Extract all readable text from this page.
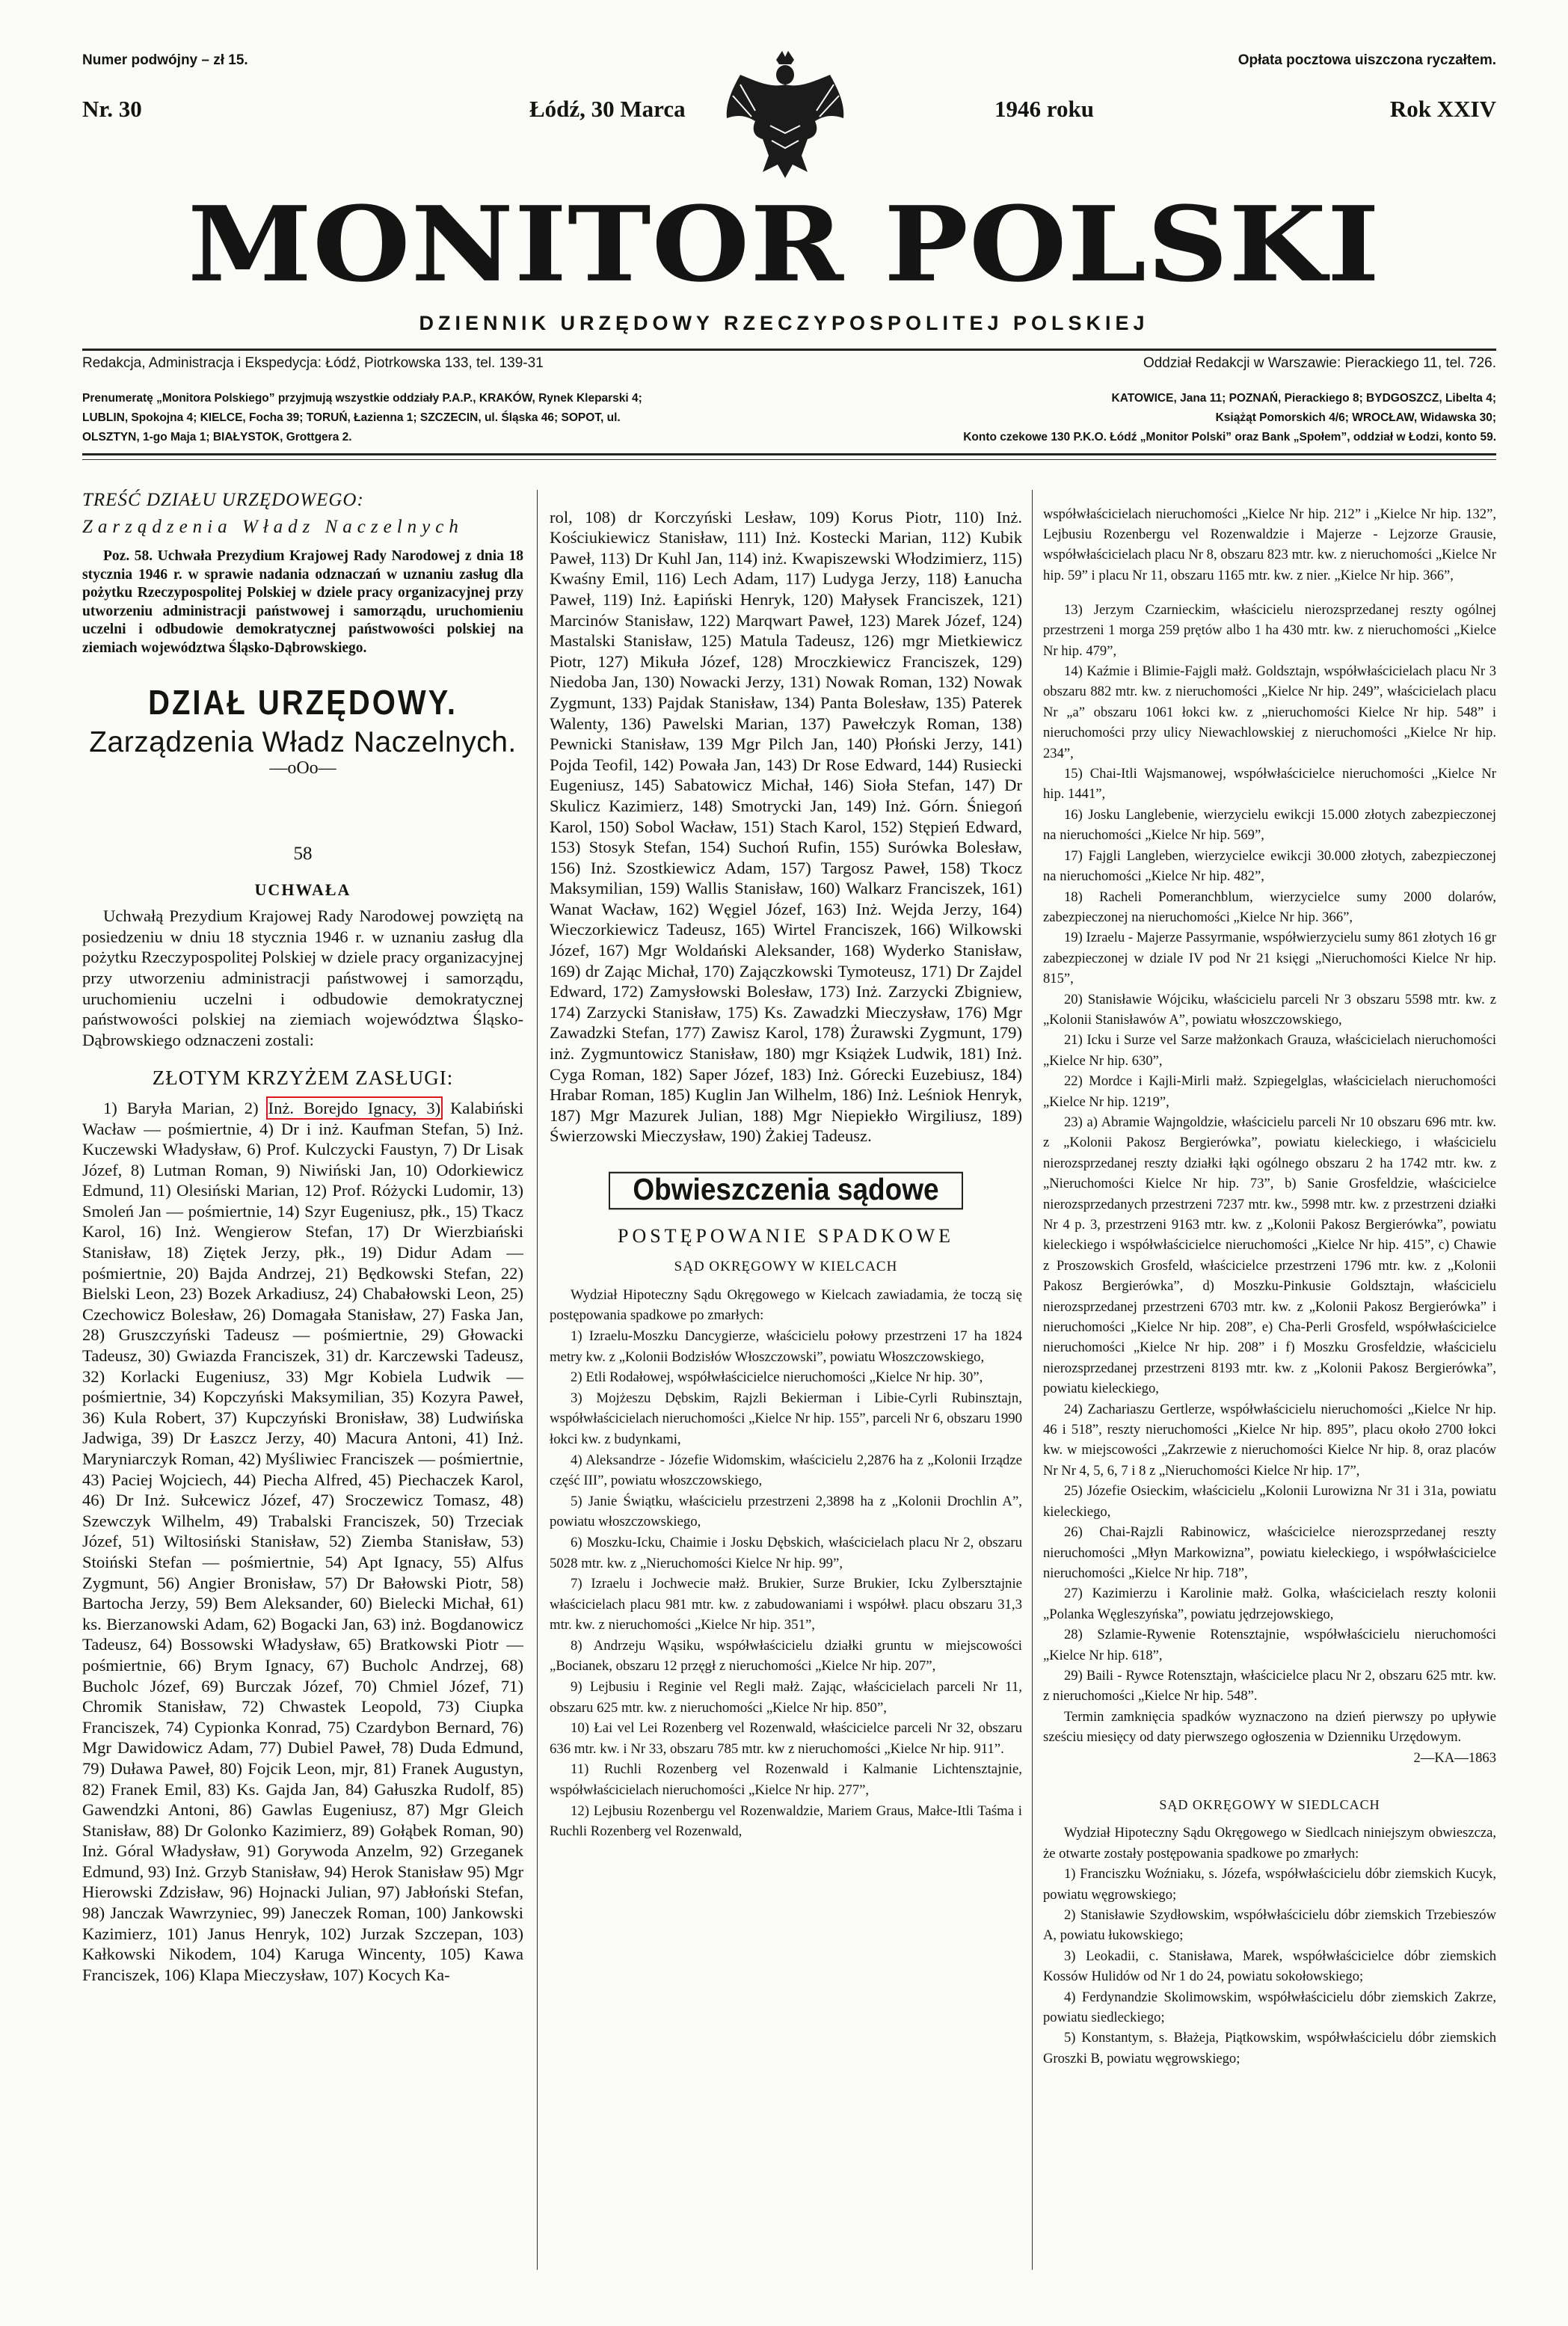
Numer podwójny – zł 15.	Opłata pocztowa uiszczona ryczałtem.
Nr. 30	Łódź, 30 Marca	1946 roku	Rok XXIV
MONITOR POLSKI
DZIENNIK URZĘDOWY RZECZYPOSPOLITEJ POLSKIEJ
Redakcja, Administracja i Ekspedycja: Łódź, Piotrkowska 133, tel. 139-31	Oddział Redakcji w Warszawie: Pierackiego 11, tel. 726.
Prenumeratę „Monitora Polskiego” przyjmują wszystkie oddziały P.A.P., KRAKÓW, Rynek Kleparski 4;	KATOWICE, Jana 11; POZNAŃ, Pierackiego 8; BYDGOSZCZ, Libelta 4;
LUBLIN, Spokojna 4; KIELCE, Focha 39; TORUŃ, Łazienna 1; SZCZECIN, ul. Śląska 46; SOPOT, ul.	Książąt Pomorskich 4/6; WROCŁAW, Widawska 30;
OLSZTYN, 1-go Maja 1; BIAŁYSTOK, Grottgera 2.	Konto czekowe 130 P.K.O. Łódź „Monitor Polski” oraz Bank „Społem”, oddział w Łodzi, konto 59.

TREŚĆ DZIAŁU URZĘDOWEGO:

Zarządzenia Władz Naczelnych

Poz. 58. Uchwała Prezydium Krajowej Rady Narodowej z dnia 18 stycznia 1946 r. w sprawie nadania odznaczań w uznaniu zasług dla pożytku Rzeczypospolitej Polskiej w dziele pracy organizacyjnej przy utworzeniu administracji państwowej i samorządu, uruchomieniu uczelni i odbudowie demokratycznej państwowości polskiej na ziemiach województwa Śląsko-Dąbrowskiego.

DZIAŁ URZĘDOWY.
Zarządzenia Władz Naczelnych.
—oOo—
58
UCHWAŁA

Uchwałą Prezydium Krajowej Rady Narodowej powziętą na posiedzeniu w dniu 18 stycznia 1946 r. w uznaniu zasług dla pożytku Rzeczypospolitej Polskiej w dziele pracy organizacyjnej przy utworzeniu administracji państwowej i samorządu, uruchomieniu uczelni i odbudowie demokratycznej państwowości polskiej na ziemiach województwa Śląsko-Dąbrowskiego odznaczeni zostali:

ZŁOTYM KRZYŻEM ZASŁUGI:

1) Baryła Marian, 2) Inż. Borejdo Ignacy, 3) Kalabiński Wacław — pośmiertnie, 4) Dr i inż. Kaufman Stefan, 5) Inż. Kuczewski Władysław, 6) Prof. Kulczycki Faustyn, 7) Dr Lisak Józef, 8) Lutman Roman, 9) Niwiński Jan, 10) Odorkiewicz Edmund, 11) Olesiński Marian, 12) Prof. Różycki Ludomir, 13) Smoleń Jan — pośmiertnie, 14) Szyr Eugeniusz, płk., 15) Tkacz Karol, 16) Inż. Wengierow Stefan, 17) Dr Wierzbiański Stanisław, 18) Ziętek Jerzy, płk., 19) Didur Adam — pośmiertnie, 20) Bajda Andrzej, 21) Będkowski Stefan, 22) Bielski Leon, 23) Bozek Arkadiusz, 24) Chabałowski Leon, 25) Czechowicz Bolesław, 26) Domagała Stanisław, 27) Faska Jan, 28) Gruszczyński Tadeusz — pośmiertnie, 29) Głowacki Tadeusz, 30) Gwiazda Franciszek, 31) dr. Karczewski Tadeusz, 32) Korlacki Eugeniusz, 33) Mgr Kobiela Ludwik — pośmiertnie, 34) Kopczyński Maksymilian, 35) Kozyra Paweł, 36) Kula Robert, 37) Kupczyński Bronisław, 38) Ludwińska Jadwiga, 39) Dr Łaszcz Jerzy, 40) Macura Antoni, 41) Inż. Maryniarczyk Roman, 42) Myśliwiec Franciszek — pośmiertnie, 43) Paciej Wojciech, 44) Piecha Alfred, 45) Piechaczek Karol, 46) Dr Inż. Sułcewicz Józef, 47) Sroczewicz Tomasz, 48) Szewczyk Wilhelm, 49) Trabalski Franciszek, 50) Trzeciak Józef, 51) Wiltosiński Stanisław, 52) Ziemba Stanisław, 53) Stoiński Stefan — pośmiertnie, 54) Apt Ignacy, 55) Alfus Zygmunt, 56) Angier Bronisław, 57) Dr Bałowski Piotr, 58) Bartocha Jerzy, 59) Bem Aleksander, 60) Bielecki Michał, 61) ks. Bierzanowski Adam, 62) Bogacki Jan, 63) inż. Bogdanowicz Tadeusz, 64) Bossowski Władysław, 65) Bratkowski Piotr — pośmiertnie, 66) Brym Ignacy, 67) Bucholc Andrzej, 68) Bucholc Józef, 69) Burczak Józef, 70) Chmiel Józef, 71) Chromik Stanisław, 72) Chwastek Leopold, 73) Ciupka Franciszek, 74) Cypionka Konrad, 75) Czardybon Bernard, 76) Mgr Dawidowicz Adam, 77) Dubiel Paweł, 78) Duda Edmund, 79) Duława Paweł, 80) Fojcik Leon, mjr, 81) Franek Augustyn, 82) Franek Emil, 83) Ks. Gajda Jan, 84) Gałuszka Rudolf, 85) Gawendzki Antoni, 86) Gawlas Eugeniusz, 87) Mgr Gleich Stanisław, 88) Dr Golonko Kazimierz, 89) Gołąbek Roman, 90) Inż. Góral Władysław, 91) Gorywoda Anzelm, 92) Grzeganek Edmund, 93) Inż. Grzyb Stanisław, 94) Herok Stanisław 95) Mgr Hierowski Zdzisław, 96) Hojnacki Julian, 97) Jabłoński Stefan, 98) Janczak Wawrzyniec, 99) Janeczek Roman, 100) Jankowski Kazimierz, 101) Janus Henryk, 102) Jurzak Szczepan, 103) Kałkowski Nikodem, 104) Karuga Wincenty, 105) Kawa Franciszek, 106) Klapa Mieczysław, 107) Kocych Ka-

rol, 108) dr Korczyński Lesław, 109) Korus Piotr, 110) Inż. Kościukiewicz Stanisław, 111) Inż. Kostecki Marian, 112) Kubik Paweł, 113) Dr Kuhl Jan, 114) inż. Kwapiszewski Włodzimierz, 115) Kwaśny Emil, 116) Lech Adam, 117) Ludyga Jerzy, 118) Łanucha Paweł, 119) Inż. Łapiński Henryk, 120) Małysek Franciszek, 121) Marcinów Stanisław, 122) Marqwart Paweł, 123) Marek Józef, 124) Mastalski Stanisław, 125) Matula Tadeusz, 126) mgr Mietkiewicz Piotr, 127) Mikuła Józef, 128) Mroczkiewicz Franciszek, 129) Niedoba Jan, 130) Nowacki Jerzy, 131) Nowak Roman, 132) Nowak Zygmunt, 133) Pajdak Stanisław, 134) Panta Bolesław, 135) Paterek Walenty, 136) Pawelski Marian, 137) Pawełczyk Roman, 138) Pewnicki Stanisław, 139 Mgr Pilch Jan, 140) Płoński Jerzy, 141) Pojda Teofil, 142) Powała Jan, 143) Dr Rose Edward, 144) Rusiecki Eugeniusz, 145) Sabatowicz Michał, 146) Sioła Stefan, 147) Dr Skulicz Kazimierz, 148) Smotrycki Jan, 149) Inż. Górn. Śniegoń Karol, 150) Sobol Wacław, 151) Stach Karol, 152) Stępień Edward, 153) Stosyk Stefan, 154) Suchoń Rufin, 155) Surówka Bolesław, 156) Inż. Szostkiewicz Adam, 157) Targosz Paweł, 158) Tkocz Maksymilian, 159) Wallis Stanisław, 160) Walkarz Franciszek, 161) Wanat Wacław, 162) Węgiel Józef, 163) Inż. Wejda Jerzy, 164) Wieczorkiewicz Tadeusz, 165) Wirtel Franciszek, 166) Wilkowski Józef, 167) Mgr Woldański Aleksander, 168) Wyderko Stanisław, 169) dr Zając Michał, 170) Zajączkowski Tymoteusz, 171) Dr Zajdel Edward, 172) Zamysłowski Bolesław, 173) Inż. Zarzycki Zbigniew, 174) Zarzycki Stanisław, 175) Ks. Zawadzki Mieczysław, 176) Mgr Zawadzki Stefan, 177) Zawisz Karol, 178) Żurawski Zygmunt, 179) inż. Zygmuntowicz Stanisław, 180) mgr Książek Ludwik, 181) Inż. Cyga Roman, 182) Saper Józef, 183) Inż. Górecki Euzebiusz, 184) Hrabar Roman, 185) Kuglin Jan Wilhelm, 186) Inż. Leśniok Henryk, 187) Mgr Mazurek Julian, 188) Mgr Niepiekło Wirgiliusz, 189) Świerzowski Mieczysław, 190) Żakiej Tadeusz.

Obwieszczenia sądowe
POSTĘPOWANIE SPADKOWE
SĄD OKRĘGOWY W KIELCACH

Wydział Hipoteczny Sądu Okręgowego w Kielcach zawiadamia, że toczą się postępowania spadkowe po zmarłych:

1) Izraelu-Moszku Dancygierze, właścicielu połowy przestrzeni 17 ha 1824 metry kw. z „Kolonii Bodzisłów Włoszczowski”, powiatu Włoszczowskiego,

2) Etli Rodałowej, współwłaścicielce nieruchomości „Kielce Nr hip. 30”,

3) Mojżeszu Dębskim, Rajzli Bekierman i Libie-Cyrli Rubinsztajn, współwłaścicielach nieruchomości „Kielce Nr hip. 155”, parceli Nr 6, obszaru 1990 łokci kw. z budynkami,

4) Aleksandrze - Józefie Widomskim, właścicielu 2,2876 ha z „Kolonii Irządze część III”, powiatu włoszczowskiego,

5) Janie Świątku, właścicielu przestrzeni 2,3898 ha z „Kolonii Drochlin A”, powiatu włoszczowskiego,

6) Moszku-Icku, Chaimie i Josku Dębskich, właścicielach placu Nr 2, obszaru 5028 mtr. kw. z „Nieruchomości Kielce Nr hip. 99”,

7) Izraelu i Jochwecie małż. Brukier, Surze Brukier, Icku Zylbersztajnie właścicielach placu 981 mtr. kw. z zabudowaniami i współwł. placu obszaru 31,3 mtr. kw. z nieruchomości „Kielce Nr hip. 351”,

8) Andrzeju Wąsiku, współwłaścicielu działki gruntu w miejscowości „Bocianek, obszaru 12 przęgł z nieruchomości „Kielce Nr hip. 207”,

9) Lejbusiu i Reginie vel Regli małż. Zając, właścicielach parceli Nr 11, obszaru 625 mtr. kw. z nieruchomości „Kielce Nr hip. 850”,

10) Łai vel Lei Rozenberg vel Rozenwald, właścicielce parceli Nr 32, obszaru 636 mtr. kw. i Nr 33, obszaru 785 mtr. kw z nieruchomości „Kielce Nr hip. 911”.

11) Ruchli Rozenberg vel Rozenwald i Kalmanie Lichtensztajnie, współwłaścicielach nieruchomości „Kielce Nr hip. 277”,

12) Lejbusiu Rozenbergu vel Rozenwaldzie, Mariem Graus, Małce-Itli Taśma i Ruchli Rozenberg vel Rozenwald,

współwłaścicielach nieruchomości „Kielce Nr hip. 212” i „Kielce Nr hip. 132”, Lejbusiu Rozenbergu vel Rozenwaldzie i Majerze - Lejzorze Grausie, współwłaścicielach placu Nr 8, obszaru 823 mtr. kw. z nieruchomości „Kielce Nr hip. 59” i placu Nr 11, obszaru 1165 mtr. kw. z nier. „Kielce Nr hip. 366”,

13) Jerzym Czarnieckim, właścicielu nierozsprzedanej reszty ogólnej przestrzeni 1 morga 259 prętów albo 1 ha 430 mtr. kw. z nieruchomości „Kielce Nr hip. 479”,

14) Kaźmie i Blimie-Fajgli małż. Goldsztajn, współwłaścicielach placu Nr 3 obszaru 882 mtr. kw. z nieruchomości „Kielce Nr hip. 249”, właścicielach placu Nr „a” obszaru 1061 łokci kw. z „nieruchomości Kielce Nr hip. 548” i nieruchomości przy ulicy Niewachlowskiej z nieruchomości „Kielce Nr hip. 234”,

15) Chai-Itli Wajsmanowej, współwłaścicielce nieruchomości „Kielce Nr hip. 1441”,

16) Josku Langlebenie, wierzycielu ewikcji 15.000 złotych zabezpieczonej na nieruchomości „Kielce Nr hip. 569”,

17) Fajgli Langleben, wierzycielce ewikcji 30.000 złotych, zabezpieczonej na nieruchomości „Kielce Nr hip. 482”,

18) Racheli Pomeranchblum, wierzycielce sumy 2000 dolarów, zabezpieczonej na nieruchomości „Kielce Nr hip. 366”,

19) Izraelu - Majerze Passyrmanie, współwierzycielu sumy 861 złotych 16 gr zabezpieczonej w dziale IV pod Nr 21 księgi „Nieruchomości Kielce Nr hip. 815”,

20) Stanisławie Wójciku, właścicielu parceli Nr 3 obszaru 5598 mtr. kw. z „Kolonii Stanisławów A”, powiatu włoszczowskiego,

21) Icku i Surze vel Sarze małżonkach Grauza, właścicielach nieruchomości „Kielce Nr hip. 630”,

22) Mordce i Kajli-Mirli małż. Szpiegelglas, właścicielach nieruchomości „Kielce Nr hip. 1219”,

23) a) Abramie Wajngoldzie, właścicielu parceli Nr 10 obszaru 696 mtr. kw. z „Kolonii Pakosz Bergierówka”, powiatu kieleckiego, i właścicielu nierozsprzedanej reszty działki łąki ogólnego obszaru 2 ha 1742 mtr. kw. z „Nieruchomości Kielce Nr hip. 73”, b) Sanie Grosfeldzie, właścicielce nierozsprzedanych przestrzeni 7237 mtr. kw., 5998 mtr. kw. z przestrzeni działki Nr 4 p. 3, przestrzeni 9163 mtr. kw. z „Kolonii Pakosz Bergierówka”, powiatu kieleckiego i współwłaścicielce nieruchomości „Kielce Nr hip. 415”, c) Chawie z Proszowskich Grosfeld, właścicielce przestrzeni 1796 mtr. kw. z „Kolonii Pakosz Bergierówka”, d) Moszku-Pinkusie Goldsztajn, właścicielu nierozsprzedanej przestrzeni 6703 mtr. kw. z „Kolonii Pakosz Bergierówka” i nieruchomości „Kielce Nr hip. 208”, e) Cha-Perli Grosfeld, współwłaścicielce nieruchomości „Kielce Nr hip. 208” i f) Moszku Grosfeldzie, właścicielu nierozsprzedanej przestrzeni 8193 mtr. kw. z „Kolonii Pakosz Bergierówka”, powiatu kieleckiego,

24) Zachariaszu Gertlerze, współwłaścicielu nieruchomości „Kielce Nr hip. 46 i 518”, reszty nieruchomości „Kielce Nr hip. 895”, placu około 2700 łokci kw. w miejscowości „Zakrzewie z nieruchomości Kielce Nr hip. 8, oraz placów Nr Nr 4, 5, 6, 7 i 8 z „Nieruchomości Kielce Nr hip. 17”,

25) Józefie Osieckim, właścicielu „Kolonii Lurowizna Nr 31 i 31a, powiatu kieleckiego,

26) Chai-Rajzli Rabinowicz, właścicielce nierozsprzedanej reszty nieruchomości „Młyn Markowizna”, powiatu kieleckiego, i współwłaścicielce nieruchomości „Kielce Nr hip. 718”,

27) Kazimierzu i Karolinie małż. Golka, właścicielach reszty kolonii „Polanka Węgleszyńska”, powiatu jędrzejowskiego,

28) Szlamie-Rywenie Rotensztajnie, współwłaścicielu nieruchomości „Kielce Nr hip. 618”,

29) Baili - Rywce Rotensztajn, właścicielce placu Nr 2, obszaru 625 mtr. kw. z nieruchomości „Kielce Nr hip. 548”.

Termin zamknięcia spadków wyznaczono na dzień pierwszy po upływie sześciu miesięcy od daty pierwszego ogłoszenia w Dzienniku Urzędowym.

2—KA—1863

SĄD OKRĘGOWY W SIEDLCACH

Wydział Hipoteczny Sądu Okręgowego w Siedlcach niniejszym obwieszcza, że otwarte zostały postępowania spadkowe po zmarłych:

1) Franciszku Woźniaku, s. Józefa, współwłaścicielu dóbr ziemskich Kucyk, powiatu węgrowskiego;

2) Stanisławie Szydłowskim, współwłaścicielu dóbr ziemskich Trzebieszów A, powiatu łukowskiego;

3) Leokadii, c. Stanisława, Marek, współwłaścicielce dóbr ziemskich Kossów Hulidów od Nr 1 do 24, powiatu sokołowskiego;

4) Ferdynandzie Skolimowskim, współwłaścicielu dóbr ziemskich Zakrze, powiatu siedleckiego;

5) Konstantym, s. Błażeja, Piątkowskim, współwłaścicielu dóbr ziemskich Groszki B, powiatu węgrowskiego;
